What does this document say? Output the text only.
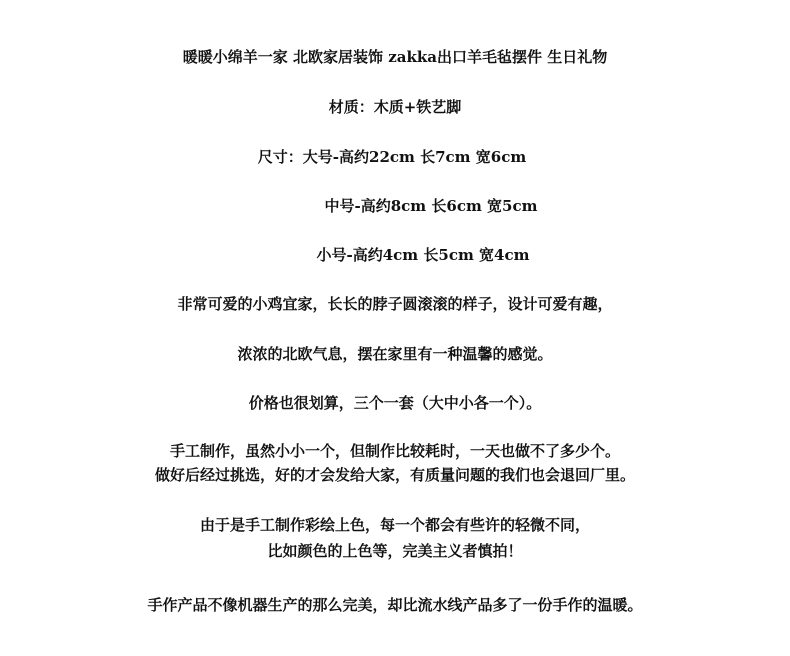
暖暖小绵羊一家 北欧家居装饰 zakka出口羊毛毡摆件 生日礼物
材质：木质+铁艺脚
尺寸：大号-高约22cm 长7cm 宽6cm
中号-高约8cm 长6cm 宽5cm
小号-高约4cm 长5cm 宽4cm
非常可爱的小鸡宜家，长长的脖子圆滚滚的样子，设计可爱有趣，
浓浓的北欧气息，摆在家里有一种温馨的感觉。
价格也很划算，三个一套（大中小各一个）。
手工制作，虽然小小一个，但制作比较耗时，一天也做不了多少个。
做好后经过挑选，好的才会发给大家，有质量问题的我们也会退回厂里。
由于是手工制作彩绘上色，每一个都会有些许的轻微不同，
比如颜色的上色等，完美主义者慎拍！
手作产品不像机器生产的那么完美，却比流水线产品多了一份手作的温暖。
